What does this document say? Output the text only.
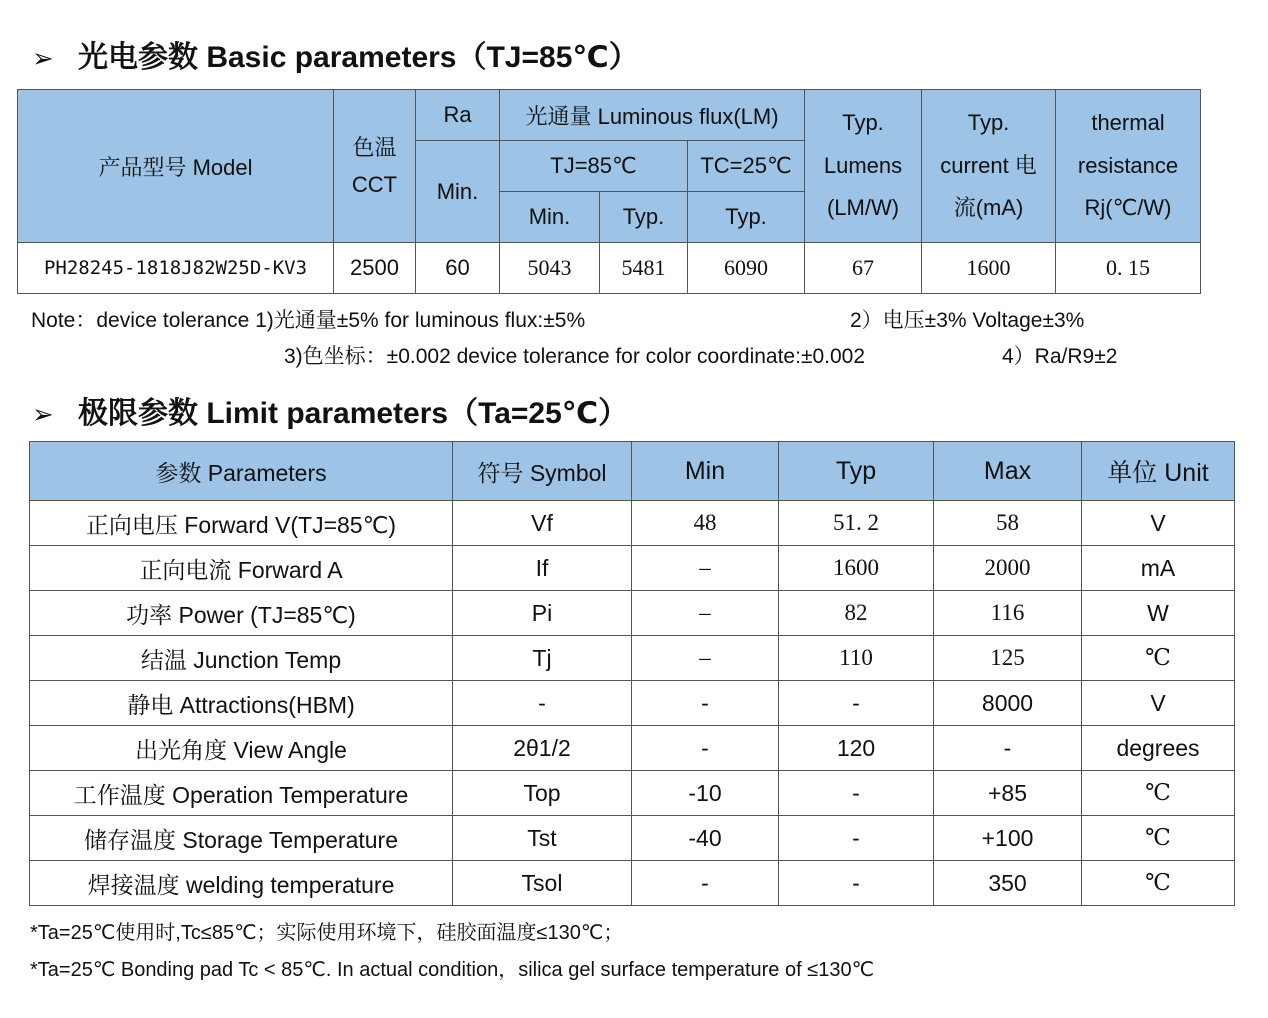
➢ 光电参数 Basic parameters（TJ=85℃）
产品型号 Model	色温 CCT	Ra	光通量 Luminous flux(LM)			Typ. Lumens (LM/W)	Typ. current 电流(mA)	thermal resistance Rj(℃/W)
		Min.	TJ=85℃		TC=25℃			
			Min.	Typ.	Typ.			
PH28245-1818J82W25D-KV3	2500	60	5043	5481	6090	67	1600	0. 15
Note：device tolerance 1)光通量±5% for luminous flux:±5%	2）电压±3% Voltage±3%
3)色坐标：±0.002 device tolerance for color coordinate:±0.002	4）Ra/R9±2
➢ 极限参数 Limit parameters（Ta=25℃）
参数 Parameters	符号 Symbol	Min	Typ	Max	单位 Unit
正向电压 Forward V(TJ=85℃)	Vf	48	51. 2	58	V
正向电流 Forward A	If	–	1600	2000	mA
功率 Power (TJ=85℃)	Pi	–	82	116	W
结温 Junction Temp	Tj	–	110	125	℃
静电 Attractions(HBM)	-	-	-	8000	V
出光角度 View Angle	2θ1/2	-	120	-	degrees
工作温度 Operation Temperature	Top	-10	-	+85	℃
储存温度 Storage Temperature	Tst	-40	-	+100	℃
焊接温度 welding temperature	Tsol	-	-	350	℃
*Ta=25℃使用时,Tc≤85℃；实际使用环境下，硅胶面温度≤130℃；
*Ta=25℃ Bonding pad Tc < 85℃. In actual condition，silica gel surface temperature of ≤130℃
